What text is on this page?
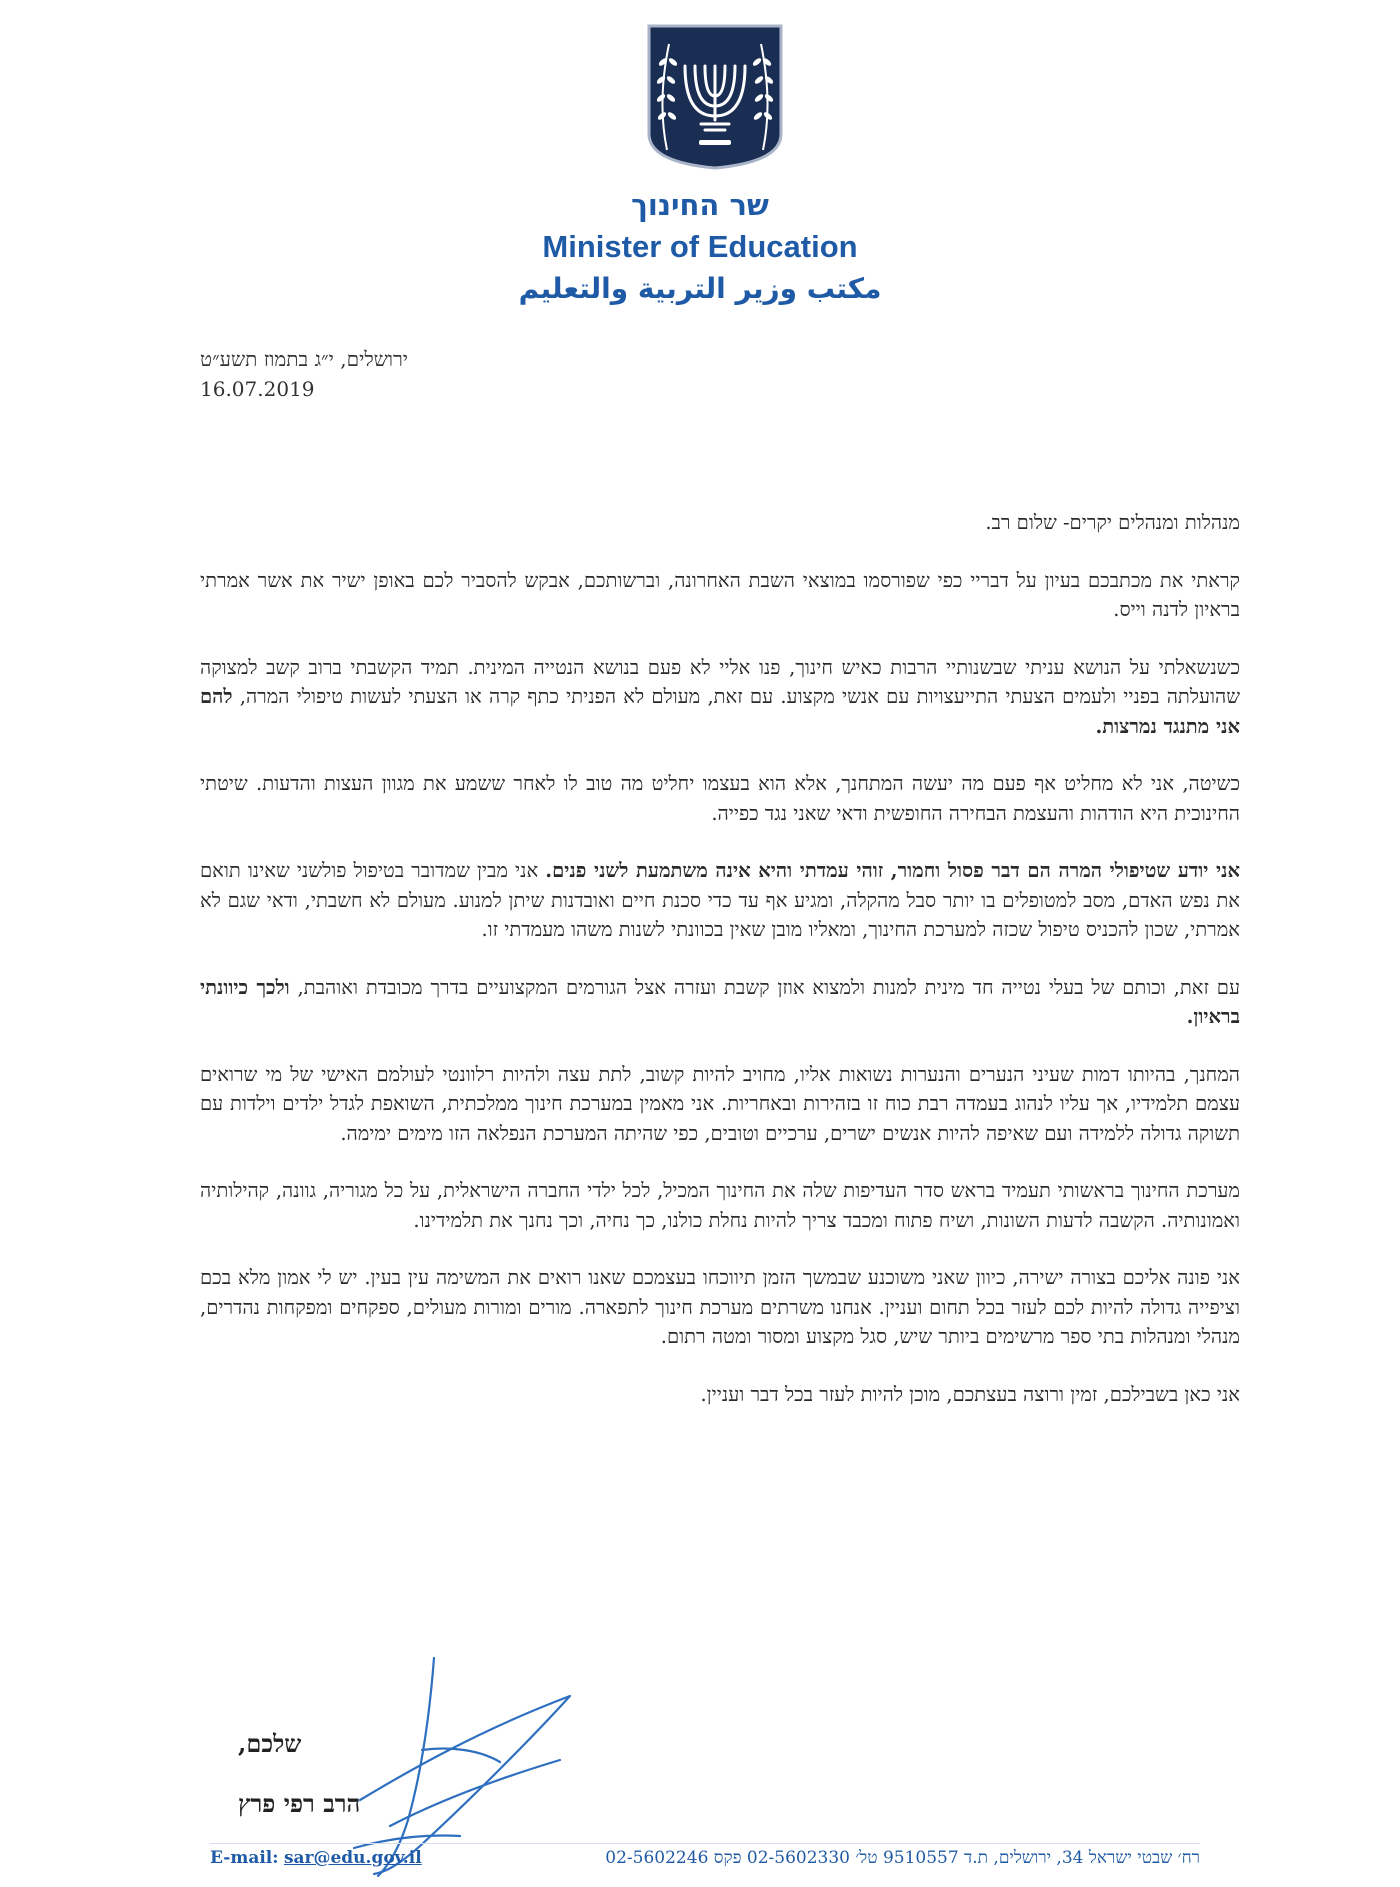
שר החינוך
Minister of Education
مكتب وزير التربية والتعليم
ירושלים, י״ג בתמוז תשע״ט
16.07.2019

מנהלות ומנהלים יקרים- שלום רב.

קראתי את מכתבכם בעיון על דבריי כפי שפורסמו במוצאי השבת האחרונה, וברשותכם, אבקש להסביר לכם באופן ישיר את אשר אמרתי בראיון לדנה וייס.

כשנשאלתי על הנושא עניתי שבשנותיי הרבות כאיש חינוך, פנו אליי לא פעם בנושא הנטייה המינית. תמיד הקשבתי ברוב קשב למצוקה שהועלתה בפניי ולעמים הצעתי התייעצויות עם אנשי מקצוע. עם זאת, מעולם לא הפניתי כתף קרה או הצעתי לעשות טיפולי המרה, להם אני מתנגד נמרצות.

כשיטה, אני לא מחליט אף פעם מה יעשה המתחנך, אלא הוא בעצמו יחליט מה טוב לו לאחר ששמע את מגוון העצות והדעות. שיטתי החינוכית היא הודהות והעצמת הבחירה החופשית ודאי שאני נגד כפייה.

אני יודע שטיפולי המרה הם דבר פסול וחמור, זוהי עמדתי והיא אינה משתמעת לשני פנים. אני מבין שמדובר בטיפול פולשני שאינו תואם את נפש האדם, מסב למטופלים בו יותר סבל מהקלה, ומגיע אף עד כדי סכנת חיים ואובדנות שיתן למנוע. מעולם לא חשבתי, ודאי שגם לא אמרתי, שכון להכניס טיפול שכזה למערכת החינוך, ומאליו מובן שאין בכוונתי לשנות משהו מעמדתי זו.

עם זאת, וכותם של בעלי נטייה חד מינית למנות ולמצוא אוזן קשבת ועזרה אצל הגורמים המקצועיים בדרך מכובדת ואוהבת, ולכך כיוונתי בראיון.

המחנך, בהיותו דמות שעיני הנערים והנערות נשואות אליו, מחויב להיות קשוב, לתת עצה ולהיות רלוונטי לעולמם האישי של מי שרואים עצמם תלמידיו, אך עליו לנהוג בעמדה רבת כוח זו בזהירות ובאחריות. אני מאמין במערכת חינוך ממלכתית, השואפת לגדל ילדים וילדות עם תשוקה גדולה ללמידה ועם שאיפה להיות אנשים ישרים, ערכיים וטובים, כפי שהיתה המערכת הנפלאה הזו מימים ימימה.

מערכת החינוך בראשותי תעמיד בראש סדר העדיפות שלה את החינוך המכיל, לכל ילדי החברה הישראלית, על כל מגוריה, גוונה, קהילותיה ואמונותיה. הקשבה לדעות השונות, ושיח פתוח ומכבד צריך להיות נחלת כולנו, כך נחיה, וכך נחנך את תלמידינו.

אני פונה אליכם בצורה ישירה, כיוון שאני משוכנע שבמשך הזמן תיווכחו בעצמכם שאנו רואים את המשימה עין בעין. יש לי אמון מלא בכם וציפייה גדולה להיות לכם לעזר בכל תחום ועניין. אנחנו משרתים מערכת חינוך לתפארה. מורים ומורות מעולים, ספקחים ומפקחות נהדרים, מנהלי ומנהלות בתי ספר מרשימים ביותר שיש, סגל מקצוע ומסור ומטה רתום.

אני כאן בשבילכם, זמין ורוצה בעצתכם, מוכן להיות לעזר בכל דבר ועניין.

שלכם,
הרב רפי פרץ
E-mail: sar@edu.gov.il	רח׳ שבטי ישראל 34, ירושלים, ת.ד 9510557 טל׳ 02-5602330 פקס 02-5602246
